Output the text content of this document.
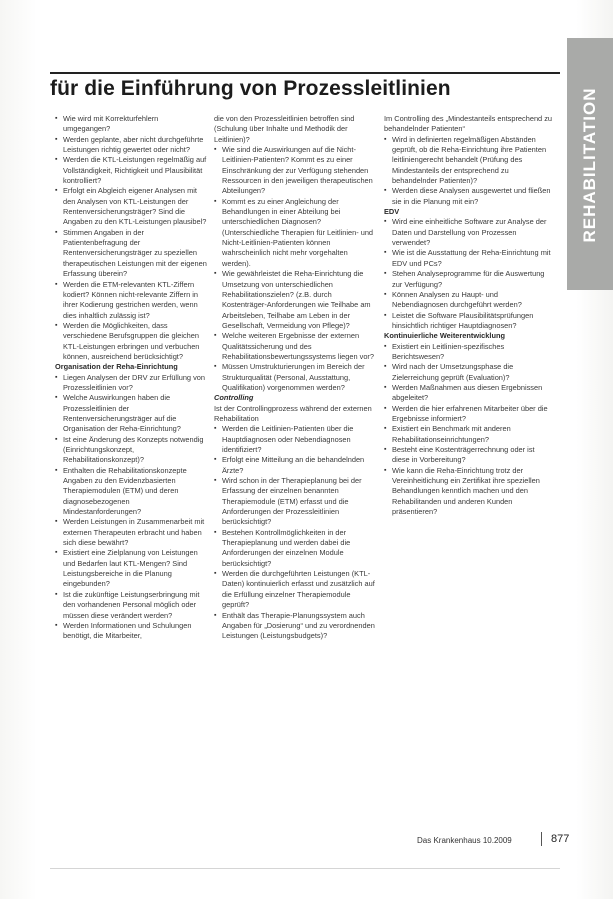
für die Einführung von Prozessleitlinien	REHABILITATION
▪ Wie wird mit Korrekturfehlern umgegangen?
▪ Werden geplante, aber nicht durchgeführte Leistungen richtig gewertet oder nicht?
▪ Werden die KTL-Leistungen regelmäßig auf Vollständigkeit, Richtigkeit und Plausibilität kontrolliert?
▪ Erfolgt ein Abgleich eigener Analysen mit den Analysen von KTL-Leistungen der Rentenversicherungsträger? Sind die Angaben zu den KTL-Leistungen plausibel?
▪ Stimmen Angaben in der Patientenbefragung der Rentenversicherungsträger zu speziellen therapeutischen Leistungen mit der eigenen Erfassung überein?
▪ Werden die ETM-relevanten KTL-Ziffern kodiert? Können nicht-relevante Ziffern in ihrer Kodierung gestrichen werden, wenn dies inhaltlich zulässig ist?
▪ Werden die Möglichkeiten, dass verschiedene Berufsgruppen die gleichen KTL-Leistungen erbringen und verbuchen können, ausreichend berücksichtigt?

Organisation der Reha-Einrichtung

▪ Liegen Analysen der DRV zur Erfüllung von Prozessleitlinien vor?
▪ Welche Auswirkungen haben die Prozessleitlinien der Rentenversicherungsträger auf die Organisation der Reha-Einrichtung?
▪ Ist eine Änderung des Konzepts notwendig (Einrichtungskonzept, Rehabilitationskonzept)?
▪ Enthalten die Rehabilitationskonzepte Angaben zu den Evidenzbasierten Therapiemodulen (ETM) und deren diagnosebezogenen Mindestanforderungen?
▪ Werden Leistungen in Zusammenarbeit mit externen Therapeuten erbracht und haben sich diese bewährt?
▪ Existiert eine Zielplanung von Leistungen und Bedarfen laut KTL-Mengen? Sind Leistungsbereiche in die Planung eingebunden?
▪ Ist die zukünftige Leistungserbringung mit den vorhandenen Personal möglich oder müssen diese verändert werden?
▪ Werden Informationen und Schulungen benötigt, die Mitarbeiter,

die von den Prozessleitlinien betroffen sind (Schulung über Inhalte und Methodik der Leitlinien)?

▪ Wie sind die Auswirkungen auf die Nicht-Leitlinien-Patienten? Kommt es zu einer Einschränkung der zur Verfügung stehenden Ressourcen in den jeweiligen therapeutischen Abteilungen?
▪ Kommt es zu einer Angleichung der Behandlungen in einer Abteilung bei unterschiedlichen Diagnosen? (Unterschiedliche Therapien für Leitlinien- und Nicht-Leitlinien-Patienten können wahrscheinlich nicht mehr vorgehalten werden).
▪ Wie gewährleistet die Reha-Einrichtung die Umsetzung von unterschiedlichen Rehabilitationszielen? (z.B. durch Kostenträger-Anforderungen wie Teilhabe am Arbeitsleben, Teilhabe am Leben in der Gesellschaft, Vermeidung von Pflege)?
▪ Welche weiteren Ergebnisse der externen Qualitätssicherung und des Rehabilitationsbewertungssystems liegen vor?
▪ Müssen Umstrukturierungen im Bereich der Strukturqualität (Personal, Ausstattung, Qualifikation) vorgenommen werden?

Controlling

Ist der Controllingprozess während der externen Rehabilitation

▪ Werden die Leitlinien-Patienten über die Hauptdiagnosen oder Nebendiagnosen identifiziert?
▪ Erfolgt eine Mitteilung an die behandelnden Ärzte?
▪ Wird schon in der Therapieplanung bei der Erfassung der einzelnen benannten Therapiemodule (ETM) erfasst und die Anforderungen der Prozessleitlinien berücksichtigt?
▪ Bestehen Kontrollmöglichkeiten in der Therapieplanung und werden dabei die Anforderungen der einzelnen Module berücksichtigt?
▪ Werden die durchgeführten Leistungen (KTL-Daten) kontinuierlich erfasst und zusätzlich auf die Erfüllung einzelner Therapiemodule geprüft?
▪ Enthält das Therapie-Planungssystem auch Angaben für „Dosierung“ und zu verordnenden Leistungen (Leistungsbudgets)?

Im Controlling des „Mindestanteils entsprechend zu behandelnder Patienten“

▪ Wird in definierten regelmäßigen Abständen geprüft, ob die Reha-Einrichtung ihre Patienten leitliniengerecht behandelt (Prüfung des Mindestanteils der entsprechend zu behandelnder Patienten)?
▪ Werden diese Analysen ausgewertet und fließen sie in die Planung mit ein?

EDV

▪ Wird eine einheitliche Software zur Analyse der Daten und Darstellung von Prozessen verwendet?
▪ Wie ist die Ausstattung der Reha-Einrichtung mit EDV und PCs?
▪ Stehen Analyseprogramme für die Auswertung zur Verfügung?
▪ Können Analysen zu Haupt- und Nebendiagnosen durchgeführt werden?
▪ Leistet die Software Plausibilitätsprüfungen hinsichtlich richtiger Hauptdiagnosen?

Kontinuierliche Weiterentwicklung

▪ Existiert ein Leitlinien-spezifisches Berichtswesen?
▪ Wird nach der Umsetzungsphase die Zielerreichung geprüft (Evaluation)?
▪ Werden Maßnahmen aus diesen Ergebnissen abgeleitet?
▪ Werden die hier erfahrenen Mitarbeiter über die Ergebnisse informiert?
▪ Existiert ein Benchmark mit anderen Rehabilitationseinrichtungen?
▪ Besteht eine Kostenträgerrechnung oder ist diese in Vorbereitung?
▪ Wie kann die Reha-Einrichtung trotz der Vereinheitlichung ein Zertifikat ihre speziellen Behandlungen kenntlich machen und den Rehabilitanden und anderen Kunden präsentieren?
Das Krankenhaus 10.2009	877
